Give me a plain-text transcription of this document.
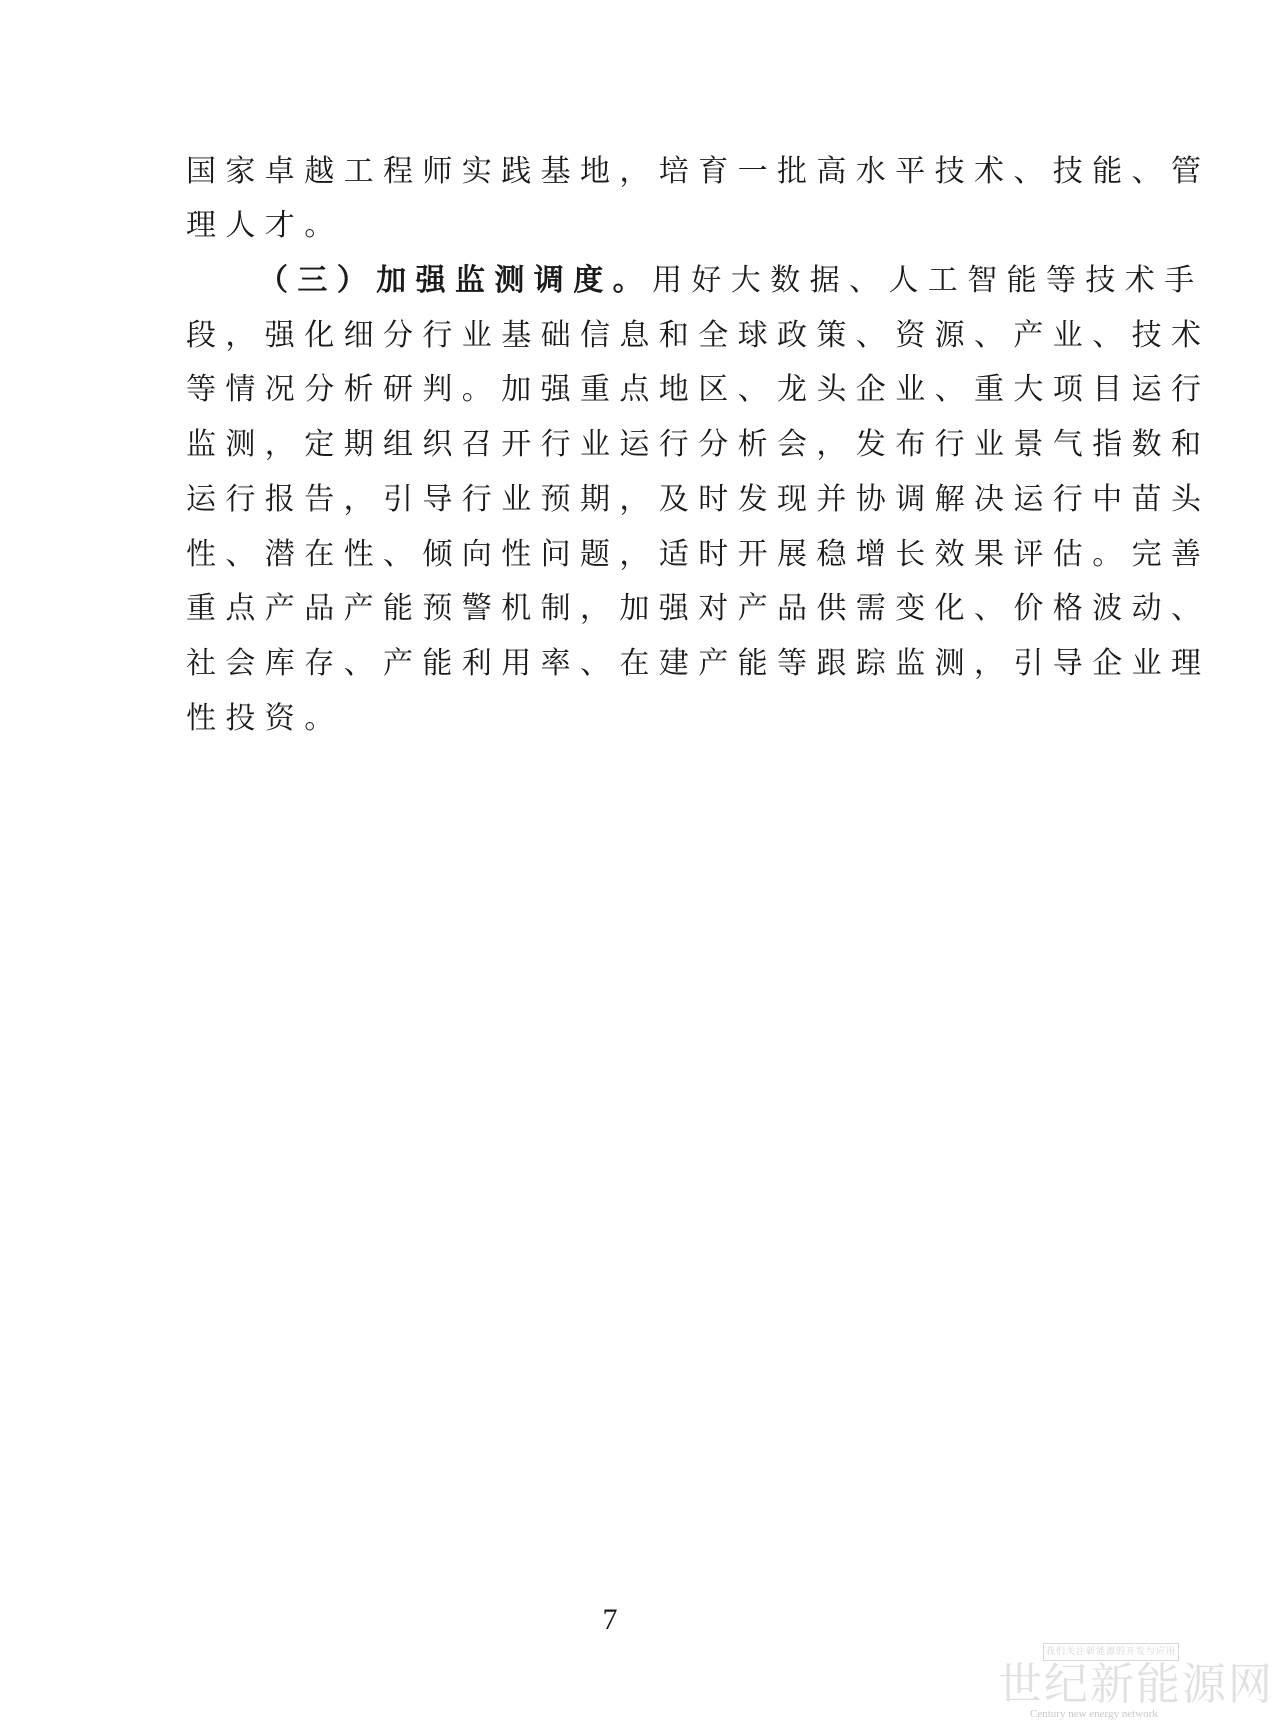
国家卓越工程师实践基地，培育一批高水平技术、技能、管
理人才。
（三）加强监测调度。用好大数据、人工智能等技术手
段，强化细分行业基础信息和全球政策、资源、产业、技术
等情况分析研判。加强重点地区、龙头企业、重大项目运行
监测，定期组织召开行业运行分析会，发布行业景气指数和
运行报告，引导行业预期，及时发现并协调解决运行中苗头
性、潜在性、倾向性问题，适时开展稳增长效果评估。完善
重点产品产能预警机制，加强对产品供需变化、价格波动、
社会库存、产能利用率、在建产能等跟踪监测，引导企业理
性投资。
7
我们关注新能源的开发与应用
世纪新能源网
Century new energy network
